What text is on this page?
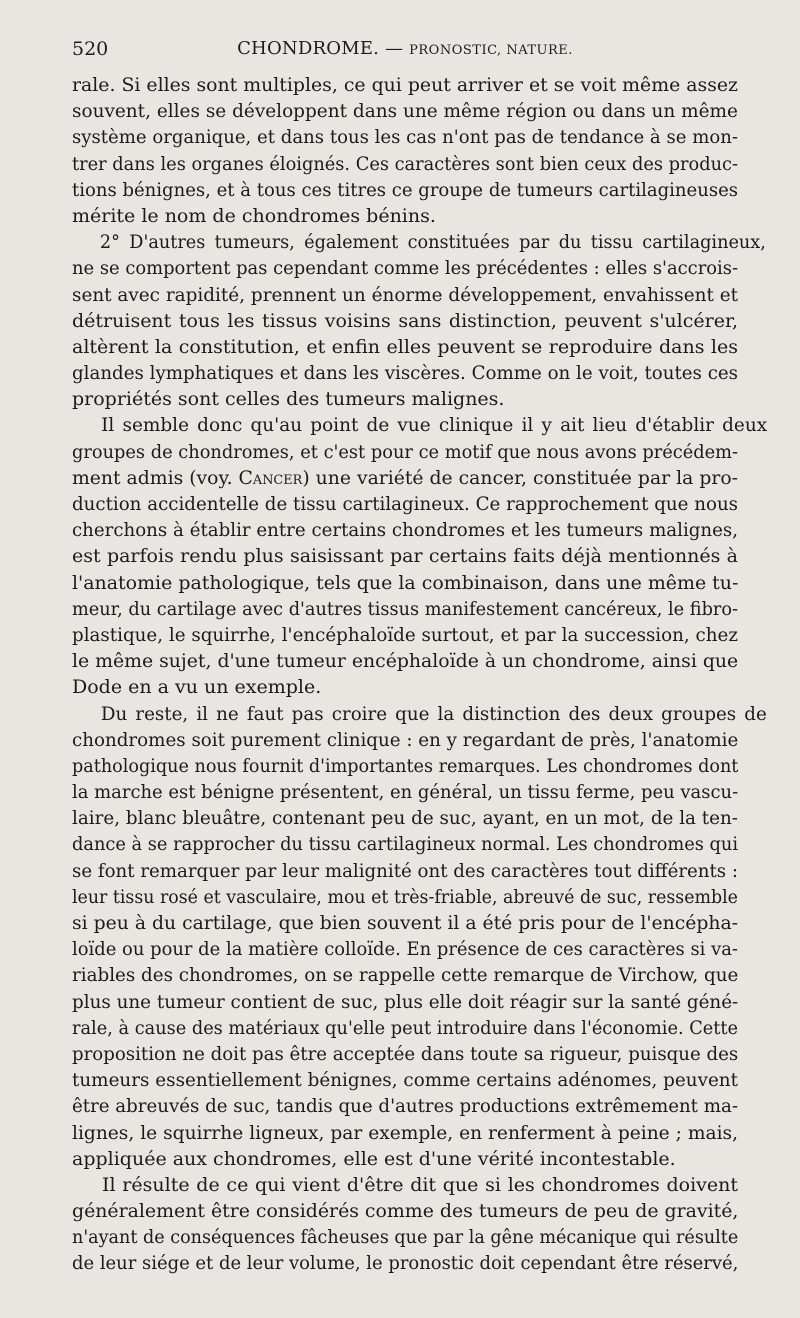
520	CHONDROME. — PRONOSTIC, NATURE.
rale. Si elles sont multiples, ce qui peut arriver et se voit même assez
souvent, elles se développent dans une même région ou dans un même
système organique, et dans tous les cas n'ont pas de tendance à se mon-
trer dans les organes éloignés. Ces caractères sont bien ceux des produc-
tions bénignes, et à tous ces titres ce groupe de tumeurs cartilagineuses
mérite le nom de chondromes bénins.
2° D'autres tumeurs, également constituées par du tissu cartilagineux,
ne se comportent pas cependant comme les précédentes : elles s'accrois-
sent avec rapidité, prennent un énorme développement, envahissent et
détruisent tous les tissus voisins sans distinction, peuvent s'ulcérer,
altèrent la constitution, et enfin elles peuvent se reproduire dans les
glandes lymphatiques et dans les viscères. Comme on le voit, toutes ces
propriétés sont celles des tumeurs malignes.
Il semble donc qu'au point de vue clinique il y ait lieu d'établir deux
groupes de chondromes, et c'est pour ce motif que nous avons précédem-
ment admis (voy. Cancer) une variété de cancer, constituée par la pro-
duction accidentelle de tissu cartilagineux. Ce rapprochement que nous
cherchons à établir entre certains chondromes et les tumeurs malignes,
est parfois rendu plus saisissant par certains faits déjà mentionnés à
l'anatomie pathologique, tels que la combinaison, dans une même tu-
meur, du cartilage avec d'autres tissus manifestement cancéreux, le fibro-
plastique, le squirrhe, l'encéphaloïde surtout, et par la succession, chez
le même sujet, d'une tumeur encéphaloïde à un chondrome, ainsi que
Dode en a vu un exemple.
Du reste, il ne faut pas croire que la distinction des deux groupes de
chondromes soit purement clinique : en y regardant de près, l'anatomie
pathologique nous fournit d'importantes remarques. Les chondromes dont
la marche est bénigne présentent, en général, un tissu ferme, peu vascu-
laire, blanc bleuâtre, contenant peu de suc, ayant, en un mot, de la ten-
dance à se rapprocher du tissu cartilagineux normal. Les chondromes qui
se font remarquer par leur malignité ont des caractères tout différents :
leur tissu rosé et vasculaire, mou et très-friable, abreuvé de suc, ressemble
si peu à du cartilage, que bien souvent il a été pris pour de l'encépha-
loïde ou pour de la matière colloïde. En présence de ces caractères si va-
riables des chondromes, on se rappelle cette remarque de Virchow, que
plus une tumeur contient de suc, plus elle doit réagir sur la santé géné-
rale, à cause des matériaux qu'elle peut introduire dans l'économie. Cette
proposition ne doit pas être acceptée dans toute sa rigueur, puisque des
tumeurs essentiellement bénignes, comme certains adénomes, peuvent
être abreuvés de suc, tandis que d'autres productions extrêmement ma-
lignes, le squirrhe ligneux, par exemple, en renferment à peine ; mais,
appliquée aux chondromes, elle est d'une vérité incontestable.
Il résulte de ce qui vient d'être dit que si les chondromes doivent
généralement être considérés comme des tumeurs de peu de gravité,
n'ayant de conséquences fâcheuses que par la gêne mécanique qui résulte
de leur siége et de leur volume, le pronostic doit cependant être réservé,
